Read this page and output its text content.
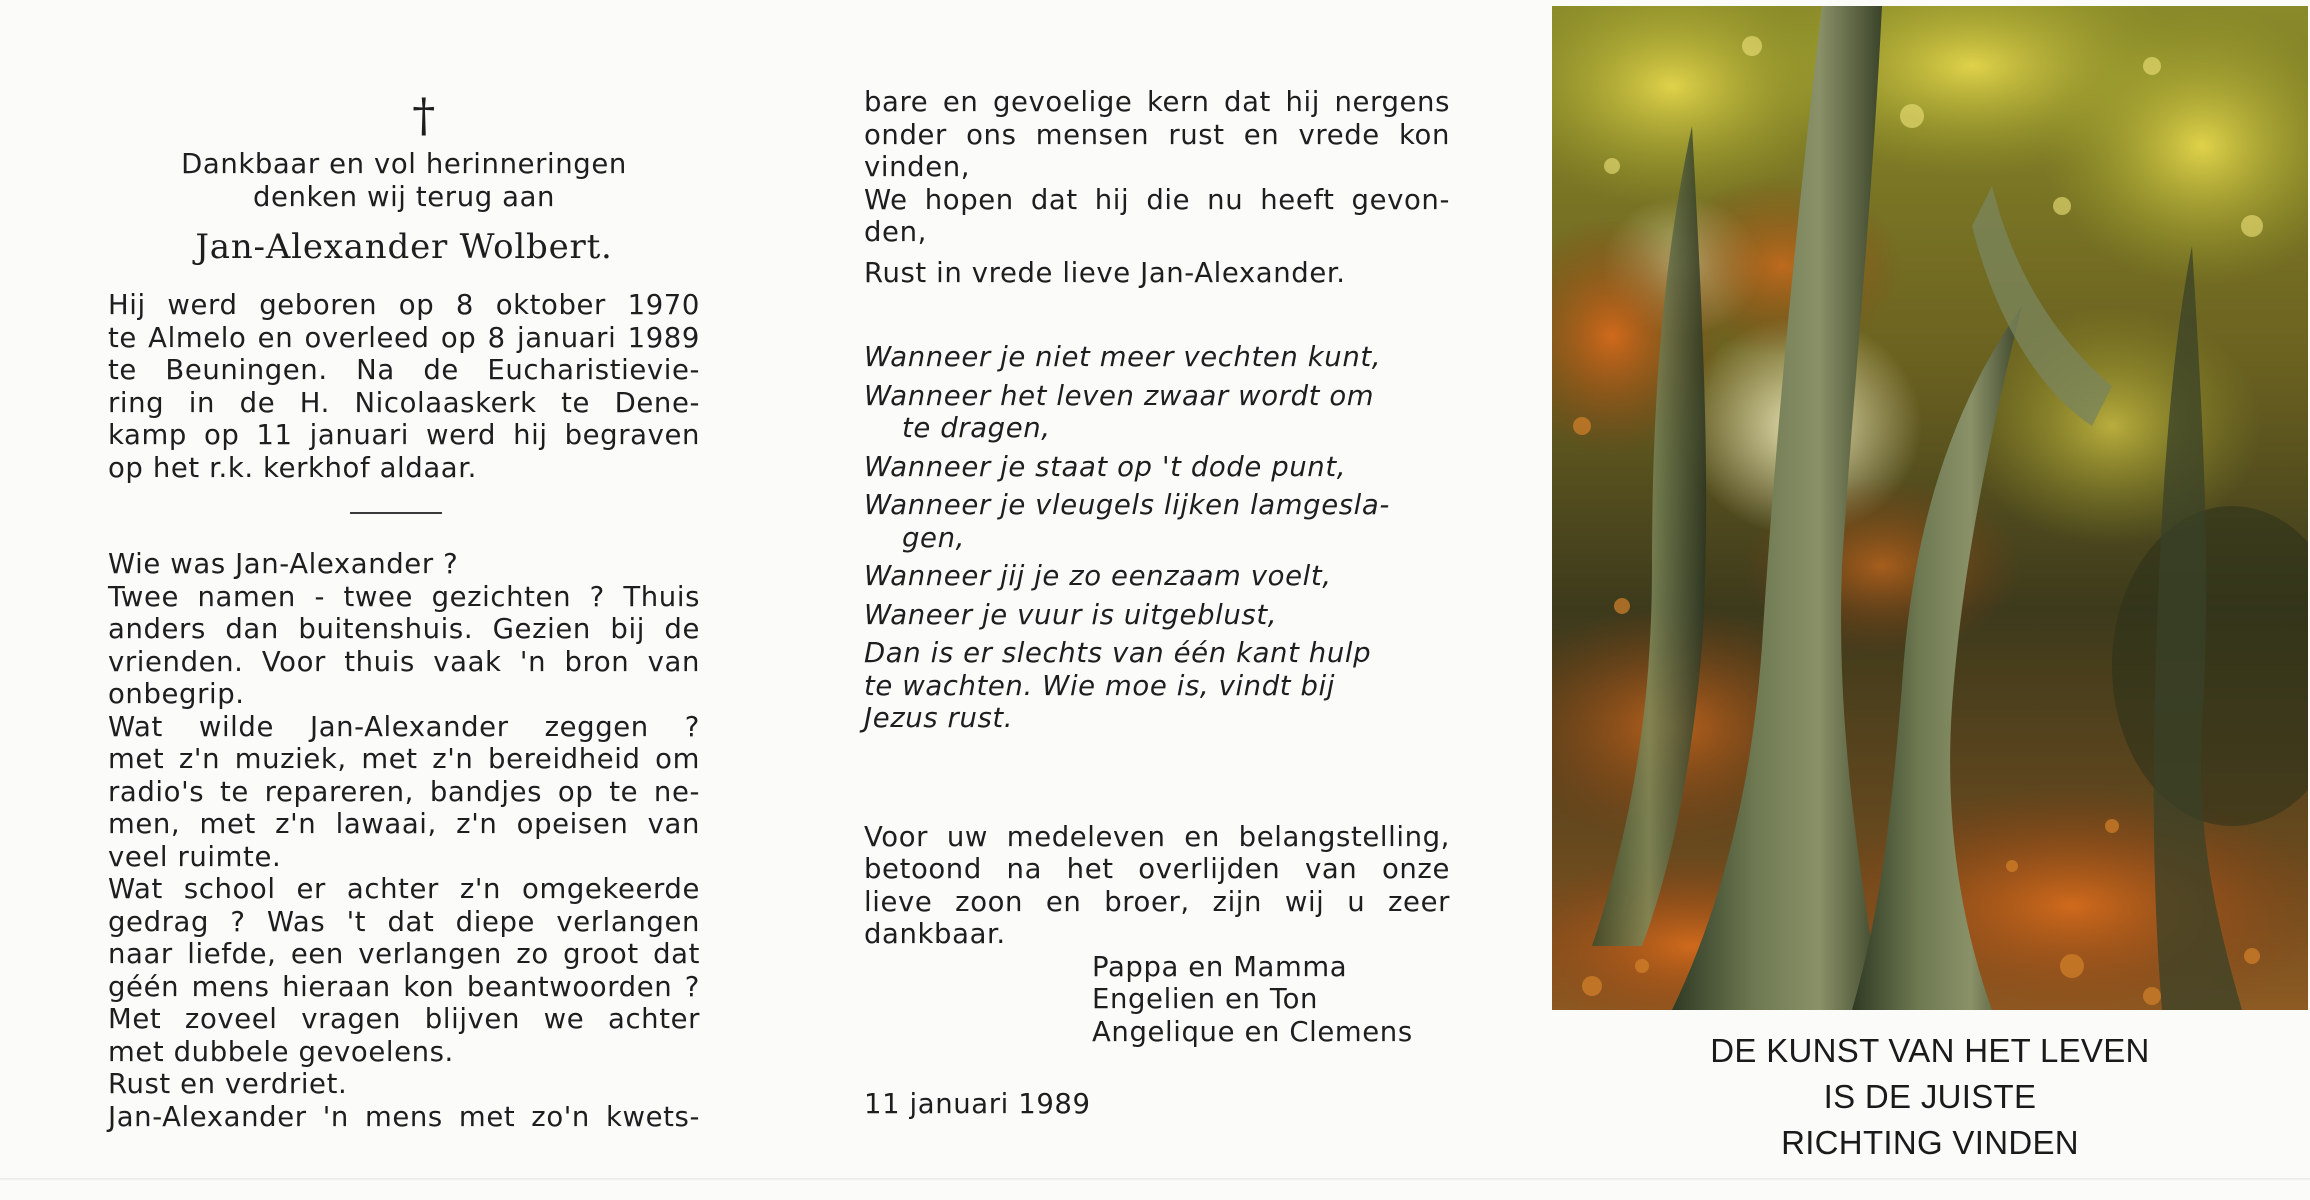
†
Dankbaar en vol herinneringen
denken wij terug aan
Jan-Alexander Wolbert.
Hij werd geboren op 8 oktober 1970
te Almelo en overleed op 8 januari 1989
te Beuningen. Na de Eucharistievie-
ring in de H. Nicolaaskerk te Dene-
kamp op 11 januari werd hij begraven
op het r.k. kerkhof aldaar.
Wie was Jan-Alexander ?
Twee namen - twee gezichten ? Thuis
anders dan buitenshuis. Gezien bij de
vrienden. Voor thuis vaak 'n bron van
onbegrip.
Wat wilde Jan-Alexander zeggen ?
met z'n muziek, met z'n bereidheid om
radio's te repareren, bandjes op te ne-
men, met z'n lawaai, z'n opeisen van
veel ruimte.
Wat school er achter z'n omgekeerde
gedrag ? Was 't dat diepe verlangen
naar liefde, een verlangen zo groot dat
géén mens hieraan kon beantwoorden ?
Met zoveel vragen blijven we achter
met dubbele gevoelens.
Rust en verdriet.
Jan-Alexander 'n mens met zo'n kwets-
bare en gevoelige kern dat hij nergens
onder ons mensen rust en vrede kon
vinden,
We hopen dat hij die nu heeft gevon-
den,
Rust in vrede lieve Jan-Alexander.
Wanneer je niet meer vechten kunt,
Wanneer het leven zwaar wordt om
te dragen,
Wanneer je staat op 't dode punt,
Wanneer je vleugels lijken lamgesla-
gen,
Wanneer jij je zo eenzaam voelt,
Waneer je vuur is uitgeblust,
Dan is er slechts van één kant hulp
te wachten. Wie moe is, vindt bij
Jezus rust.
Voor uw medeleven en belangstelling,
betoond na het overlijden van onze
lieve zoon en broer, zijn wij u zeer
dankbaar.
Pappa en Mamma
Engelien en Ton
Angelique en Clemens
11 januari 1989
DE KUNST VAN HET LEVEN
IS DE JUISTE
RICHTING VINDEN
